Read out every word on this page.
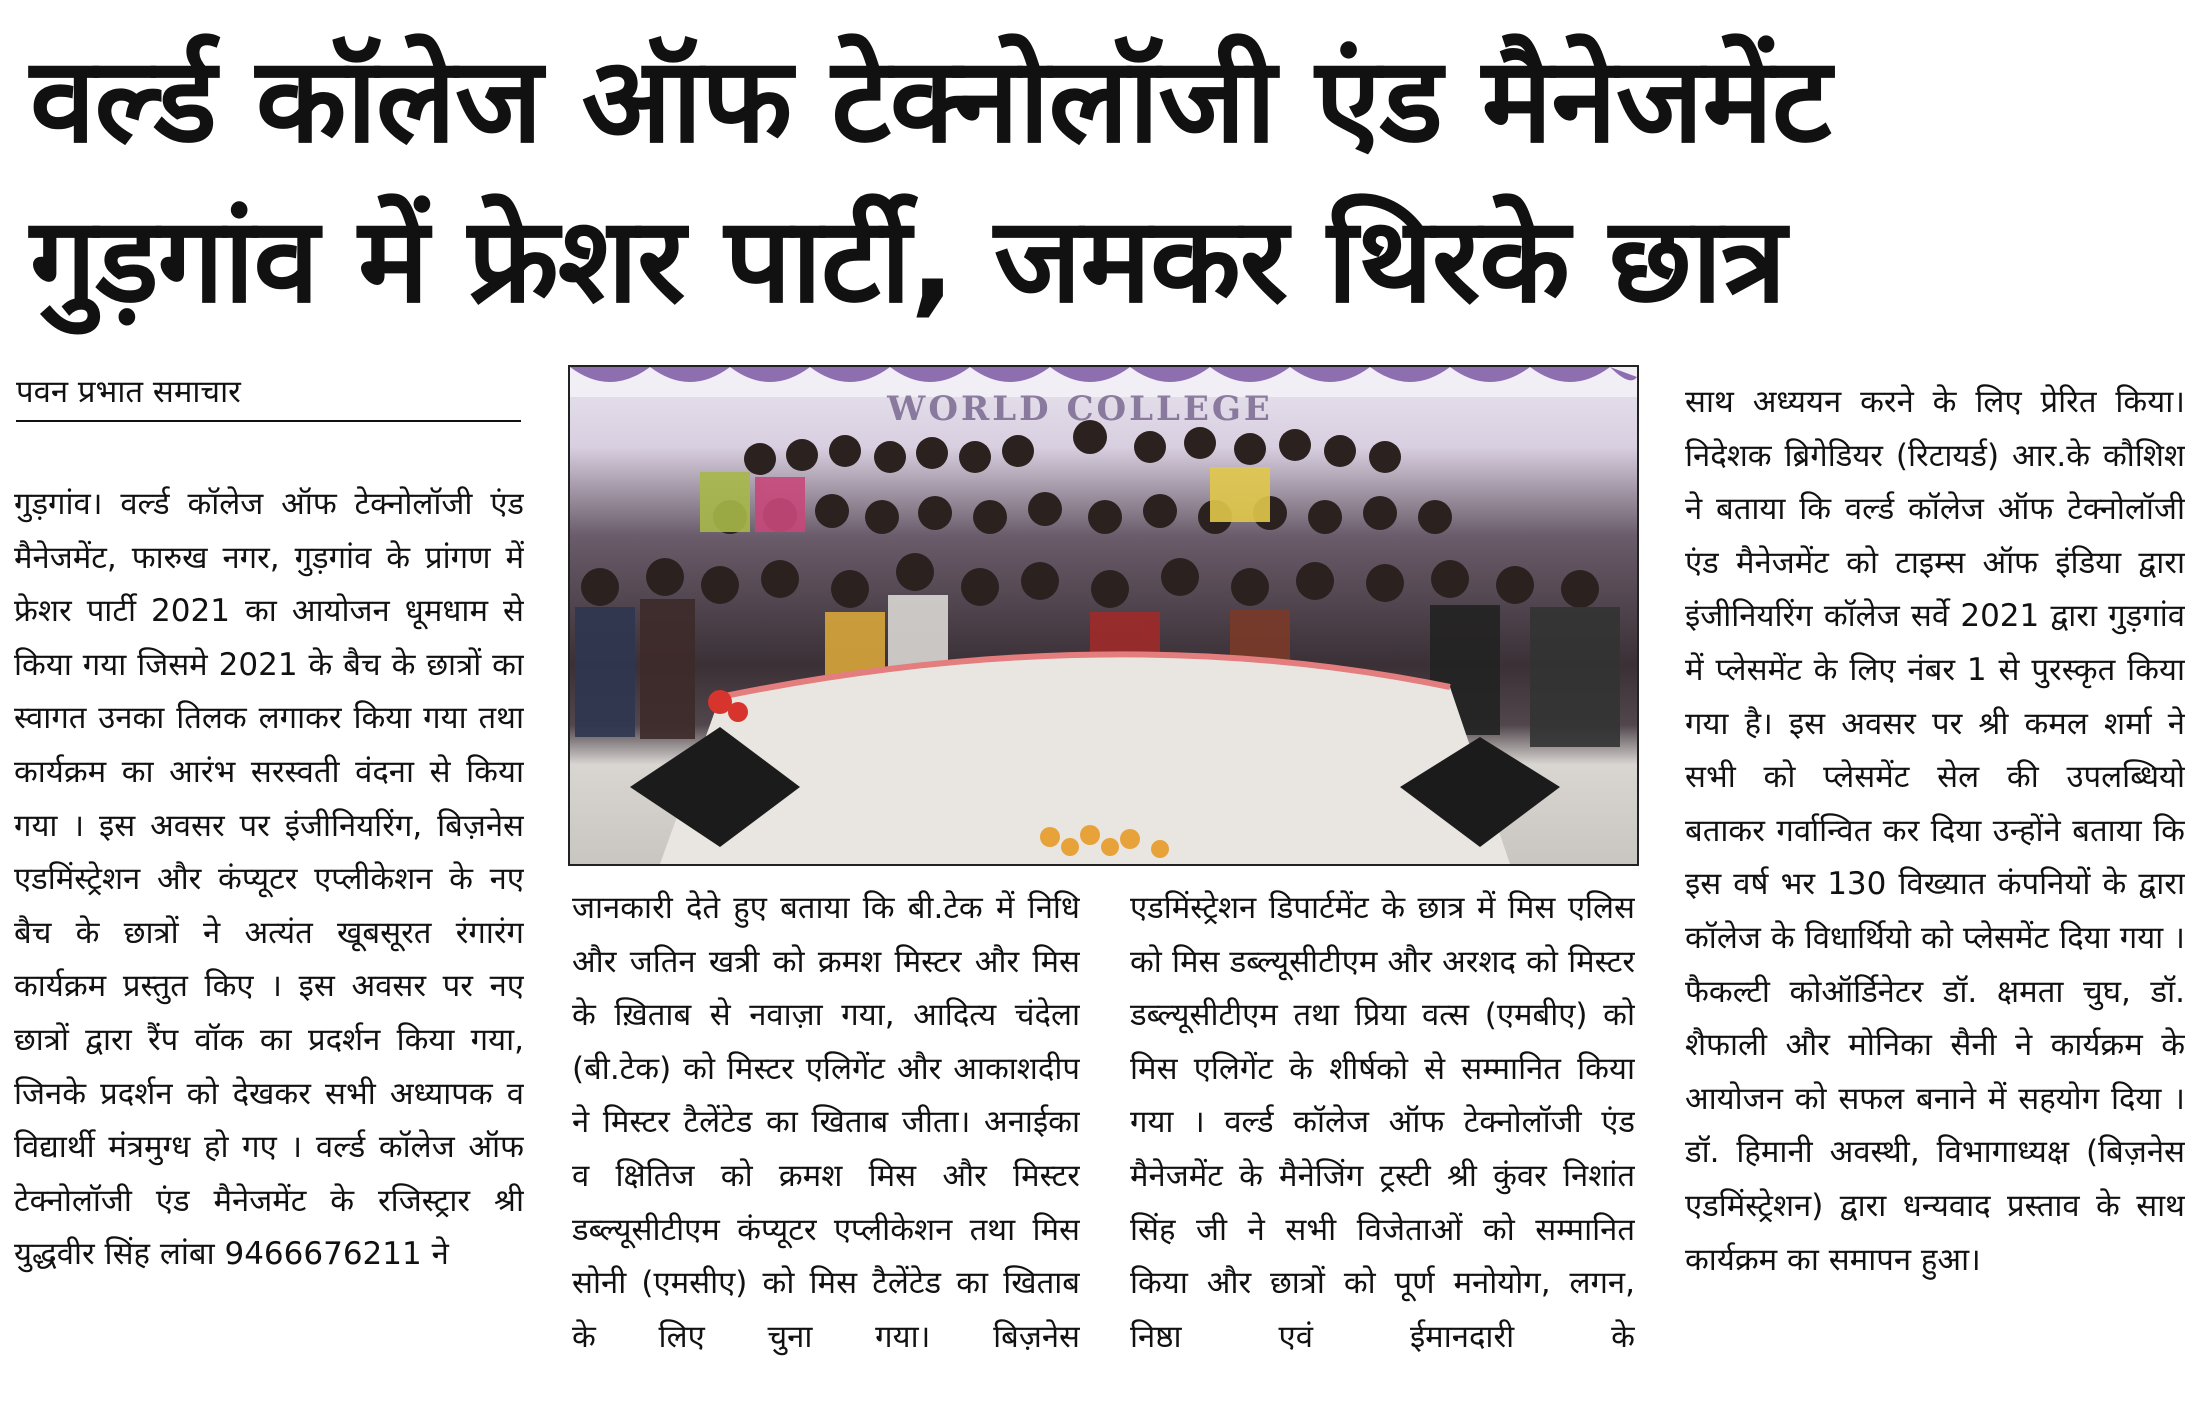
वर्ल्ड कॉलेज ऑफ टेक्नोलॉजी एंड मैनेजमेंट
गुड़गांव में फ्रेशर पार्टी, जमकर थिरके छात्र
पवन प्रभात समाचार
गुड़गांव। वर्ल्ड कॉलेज ऑफ टेक्नोलॉजी एंड मैनेजमेंट, फारुख नगर, गुड़गांव के प्रांगण में फ्रेशर पार्टी 2021 का आयोजन धूमधाम से किया गया जिसमे 2021 के बैच के छात्रों का स्वागत उनका तिलक लगाकर किया गया तथा कार्यक्रम का आरंभ सरस्वती वंदना से किया गया । इस अवसर पर इंजीनियरिंग, बिज़नेस एडमिंस्ट्रेशन और कंप्यूटर एप्लीकेशन के नए बैच के छात्रों ने अत्यंत खूबसूरत रंगारंग कार्यक्रम प्रस्तुत किए । इस अवसर पर नए छात्रों द्वारा रैंप वॉक का प्रदर्शन किया गया, जिनके प्रदर्शन को देखकर सभी अध्यापक व विद्यार्थी मंत्रमुग्ध हो गए । वर्ल्ड कॉलेज ऑफ टेक्नोलॉजी एंड मैनेजमेंट के रजिस्ट्रार श्री युद्धवीर सिंह लांबा 9466676211 ने
WORLD COLLEGE
जानकारी देते हुए बताया कि बी.टेक में निधि और जतिन खत्री को क्रमश मिस्टर और मिस के ख़िताब से नवाज़ा गया, आदित्य चंदेला (बी.टेक) को मिस्टर एलिगेंट और आकाशदीप ने मिस्टर टैलेंटेड का खिताब जीता। अनाईका व क्षितिज को क्रमश मिस और मिस्टर डब्ल्यूसीटीएम कंप्यूटर एप्लीकेशन तथा मिस सोनी (एमसीए) को मिस टैलेंटेड का खिताब के लिए चुना गया। बिज़नेस
एडमिंस्ट्रेशन डिपार्टमेंट के छात्र में मिस एलिस को मिस डब्ल्यूसीटीएम और अरशद को मिस्टर डब्ल्यूसीटीएम तथा प्रिया वत्स (एमबीए) को मिस एलिगेंट के शीर्षको से सम्मानित किया गया । वर्ल्ड कॉलेज ऑफ टेक्नोलॉजी एंड मैनेजमेंट के मैनेजिंग ट्रस्टी श्री कुंवर निशांत सिंह जी ने सभी विजेताओं को सम्मानित किया और छात्रों को पूर्ण मनोयोग, लगन, निष्ठा एवं ईमानदारी के
साथ अध्ययन करने के लिए प्रेरित किया। निदेशक ब्रिगेडियर (रिटायर्ड) आर.के कौशिश ने बताया कि वर्ल्ड कॉलेज ऑफ टेक्नोलॉजी एंड मैनेजमेंट को टाइम्स ऑफ इंडिया द्वारा इंजीनियरिंग कॉलेज सर्वे 2021 द्वारा गुड़गांव में प्लेसमेंट के लिए नंबर 1 से पुरस्कृत किया गया है। इस अवसर पर श्री कमल शर्मा ने सभी को प्लेसमेंट सेल की उपलब्धियो बताकर गर्वान्वित कर दिया उन्होंने बताया कि इस वर्ष भर 130 विख्यात कंपनियों के द्वारा कॉलेज के विधार्थियो को प्लेसमेंट दिया गया । फैकल्टी कोऑर्डिनेटर डॉ. क्षमता चुघ, डॉ. शैफाली और मोनिका सैनी ने कार्यक्रम के आयोजन को सफल बनाने में सहयोग दिया । डॉ. हिमानी अवस्थी, विभागाध्यक्ष (बिज़नेस एडमिंस्ट्रेशन) द्वारा धन्यवाद प्रस्ताव के साथ कार्यक्रम का समापन हुआ।
